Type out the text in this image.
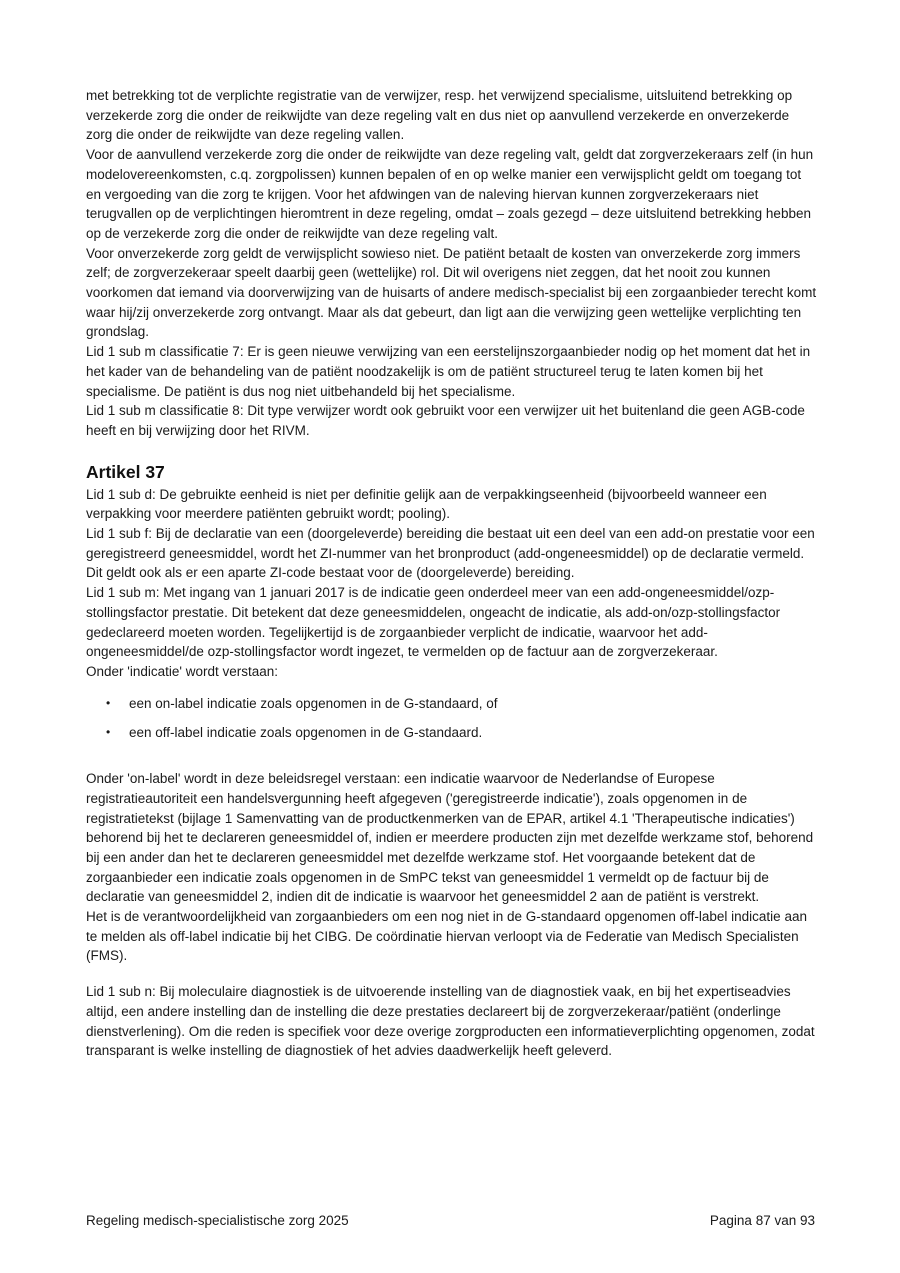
met betrekking tot de verplichte registratie van de verwijzer, resp. het verwijzend specialisme, uitsluitend betrekking op verzekerde zorg die onder de reikwijdte van deze regeling valt en dus niet op aanvullend verzekerde en onverzekerde zorg die onder de reikwijdte van deze regeling vallen.

Voor de aanvullend verzekerde zorg die onder de reikwijdte van deze regeling valt, geldt dat zorgverzekeraars zelf (in hun modelovereenkomsten, c.q. zorgpolissen) kunnen bepalen of en op welke manier een verwijsplicht geldt om toegang tot en vergoeding van die zorg te krijgen. Voor het afdwingen van de naleving hiervan kunnen zorgverzekeraars niet terugvallen op de verplichtingen hieromtrent in deze regeling, omdat – zoals gezegd – deze uitsluitend betrekking hebben op de verzekerde zorg die onder de reikwijdte van deze regeling valt.

Voor onverzekerde zorg geldt de verwijsplicht sowieso niet. De patiënt betaalt de kosten van onverzekerde zorg immers zelf; de zorgverzekeraar speelt daarbij geen (wettelijke) rol. Dit wil overigens niet zeggen, dat het nooit zou kunnen voorkomen dat iemand via doorverwijzing van de huisarts of andere medisch-specialist bij een zorgaanbieder terecht komt waar hij/zij onverzekerde zorg ontvangt. Maar als dat gebeurt, dan ligt aan die verwijzing geen wettelijke verplichting ten grondslag.

Lid 1 sub m classificatie 7: Er is geen nieuwe verwijzing van een eerstelijnszorgaanbieder nodig op het moment dat het in het kader van de behandeling van de patiënt noodzakelijk is om de patiënt structureel terug te laten komen bij het specialisme. De patiënt is dus nog niet uitbehandeld bij het specialisme.

Lid 1 sub m classificatie 8: Dit type verwijzer wordt ook gebruikt voor een verwijzer uit het buitenland die geen AGB-code heeft en bij verwijzing door het RIVM.

Artikel 37

Lid 1 sub d: De gebruikte eenheid is niet per definitie gelijk aan de verpakkingseenheid (bijvoorbeeld wanneer een verpakking voor meerdere patiënten gebruikt wordt; pooling).

Lid 1 sub f: Bij de declaratie van een (doorgeleverde) bereiding die bestaat uit een deel van een add-on prestatie voor een geregistreerd geneesmiddel, wordt het ZI-nummer van het bronproduct (add-ongeneesmiddel) op de declaratie vermeld. Dit geldt ook als er een aparte ZI-code bestaat voor de (doorgeleverde) bereiding.

Lid 1 sub m: Met ingang van 1 januari 2017 is de indicatie geen onderdeel meer van een add-ongeneesmiddel/ozp-stollingsfactor prestatie. Dit betekent dat deze geneesmiddelen, ongeacht de indicatie, als add-on/ozp-stollingsfactor gedeclareerd moeten worden. Tegelijkertijd is de zorgaanbieder verplicht de indicatie, waarvoor het add-ongeneesmiddel/de ozp-stollingsfactor wordt ingezet, te vermelden op de factuur aan de zorgverzekeraar.

Onder 'indicatie' wordt verstaan:

•	een on-label indicatie zoals opgenomen in de G-standaard, of
•	een off-label indicatie zoals opgenomen in de G-standaard.

Onder 'on-label' wordt in deze beleidsregel verstaan: een indicatie waarvoor de Nederlandse of Europese registratieautoriteit een handelsvergunning heeft afgegeven ('geregistreerde indicatie'), zoals opgenomen in de registratietekst (bijlage 1 Samenvatting van de productkenmerken van de EPAR, artikel 4.1 'Therapeutische indicaties') behorend bij het te declareren geneesmiddel of, indien er meerdere producten zijn met dezelfde werkzame stof, behorend bij een ander dan het te declareren geneesmiddel met dezelfde werkzame stof. Het voorgaande betekent dat de zorgaanbieder een indicatie zoals opgenomen in de SmPC tekst van geneesmiddel 1 vermeldt op de factuur bij de declaratie van geneesmiddel 2, indien dit de indicatie is waarvoor het geneesmiddel 2 aan de patiënt is verstrekt.

Het is de verantwoordelijkheid van zorgaanbieders om een nog niet in de G-standaard opgenomen off-label indicatie aan te melden als off-label indicatie bij het CIBG. De coördinatie hiervan verloopt via de Federatie van Medisch Specialisten (FMS).

Lid 1 sub n: Bij moleculaire diagnostiek is de uitvoerende instelling van de diagnostiek vaak, en bij het expertiseadvies altijd, een andere instelling dan de instelling die deze prestaties declareert bij de zorgverzekeraar/patiënt (onderlinge dienstverlening). Om die reden is specifiek voor deze overige zorgproducten een informatieverplichting opgenomen, zodat transparant is welke instelling de diagnostiek of het advies daadwerkelijk heeft geleverd.

Regeling medisch-specialistische zorg 2025	Pagina 87 van 93
